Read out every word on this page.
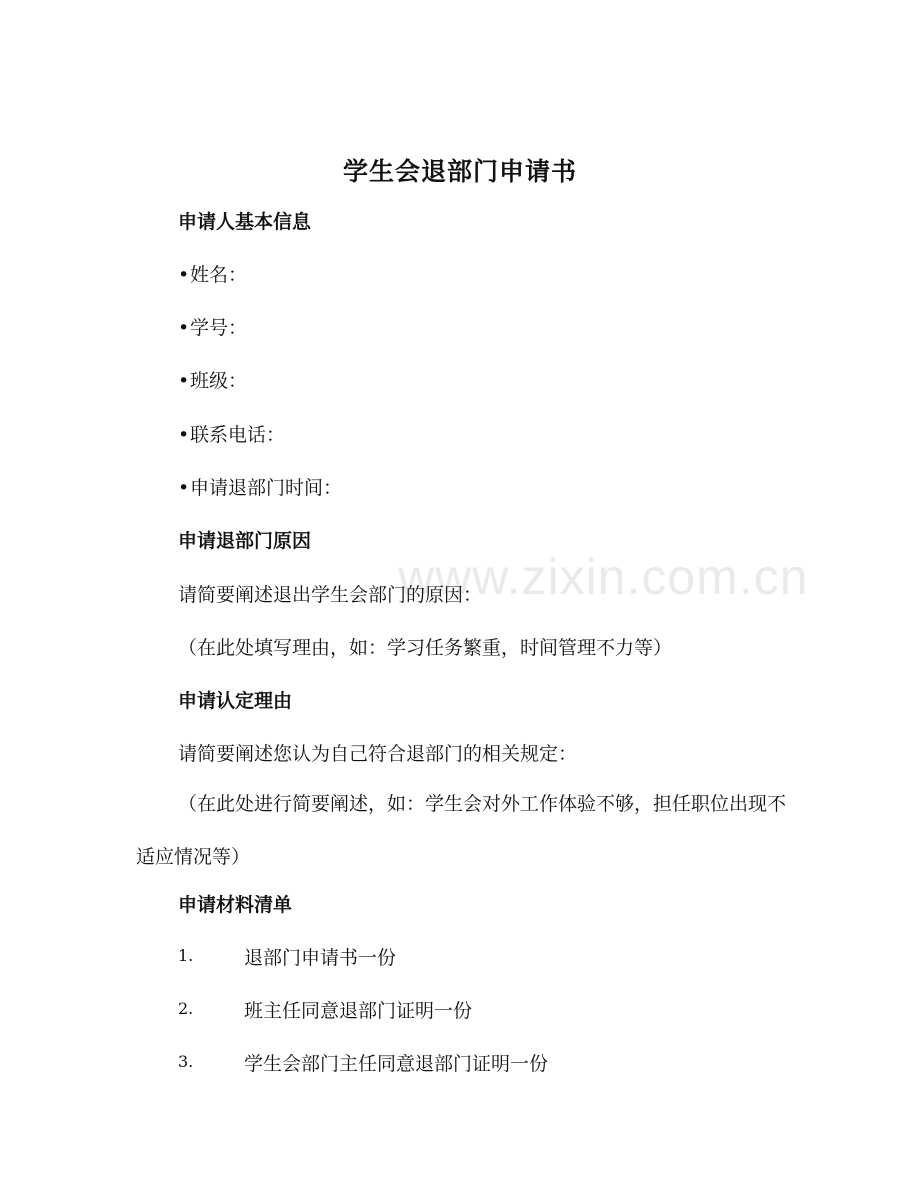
www.zixin.com.cn
学生会退部门申请书
申请人基本信息
•姓名：
•学号：
•班级：
•联系电话：
•申请退部门时间：
申请退部门原因
请简要阐述退出学生会部门的原因：
（在此处填写理由，如：学习任务繁重，时间管理不力等）
申请认定理由
请简要阐述您认为自己符合退部门的相关规定：
（在此处进行简要阐述，如：学生会对外工作体验不够，担任职位出现不适应情况等）
申请材料清单
1.	退部门申请书一份
2.	班主任同意退部门证明一份
3.	学生会部门主任同意退部门证明一份
